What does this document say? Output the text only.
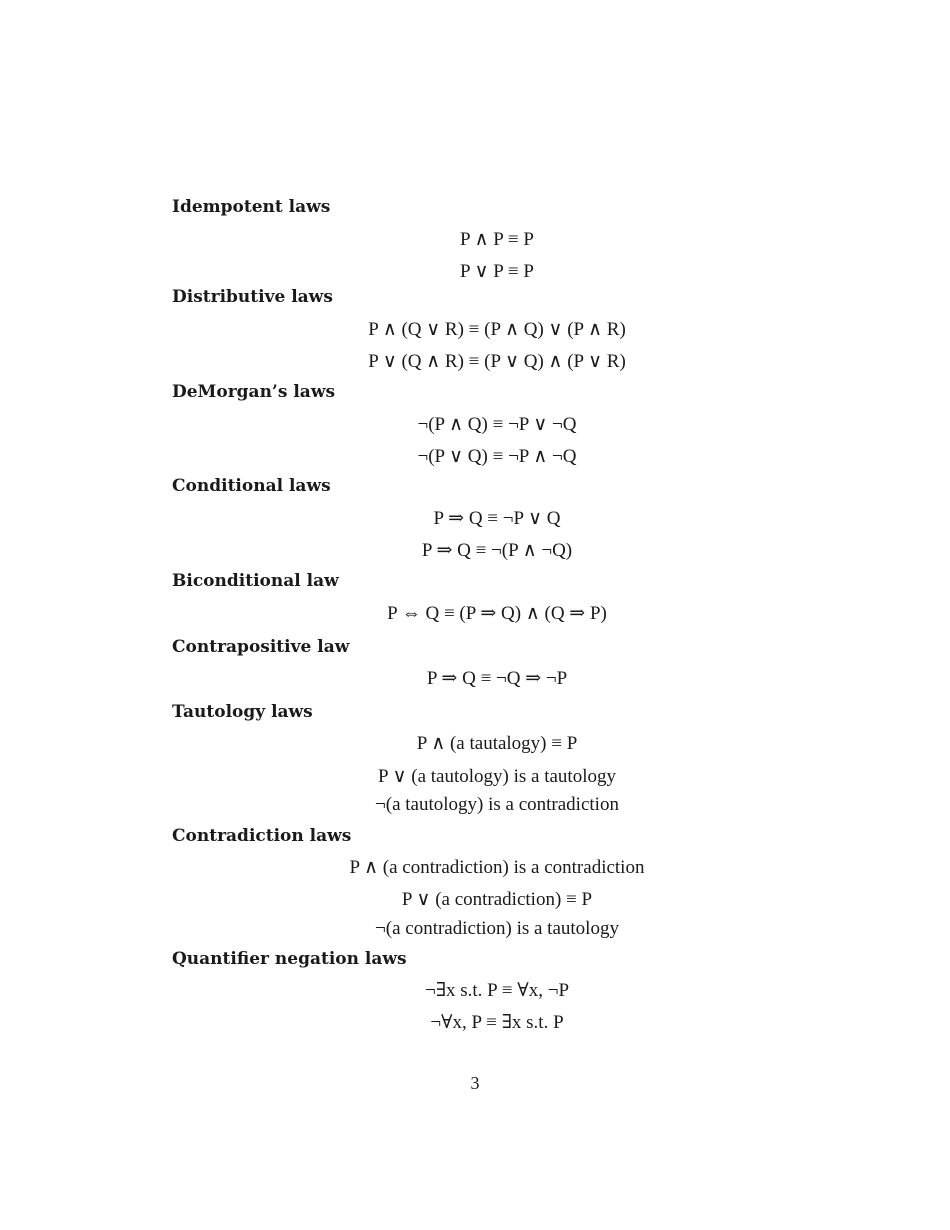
Idempotent laws
P ∧ P ≡ P
P ∨ P ≡ P
Distributive laws
P ∧ (Q ∨ R) ≡ (P ∧ Q) ∨ (P ∧ R)
P ∨ (Q ∧ R) ≡ (P ∨ Q) ∧ (P ∨ R)
DeMorgan’s laws
¬(P ∧ Q) ≡ ¬P ∨ ¬Q
¬(P ∨ Q) ≡ ¬P ∧ ¬Q
Conditional laws
P ⇒ Q ≡ ¬P ∨ Q
P ⇒ Q ≡ ¬(P ∧ ¬Q)
Biconditional law
P ⇔ Q ≡ (P ⇒ Q) ∧ (Q ⇒ P)
Contrapositive law
P ⇒ Q ≡ ¬Q ⇒ ¬P
Tautology laws
P ∧ (a tautalogy) ≡ P
P ∨ (a tautology) is a tautology
¬(a tautology) is a contradiction
Contradiction laws
P ∧ (a contradiction) is a contradiction
P ∨ (a contradiction) ≡ P
¬(a contradiction) is a tautology
Quantifier negation laws
¬∃x s.t. P ≡ ∀x, ¬P
¬∀x, P ≡ ∃x s.t. P
3
